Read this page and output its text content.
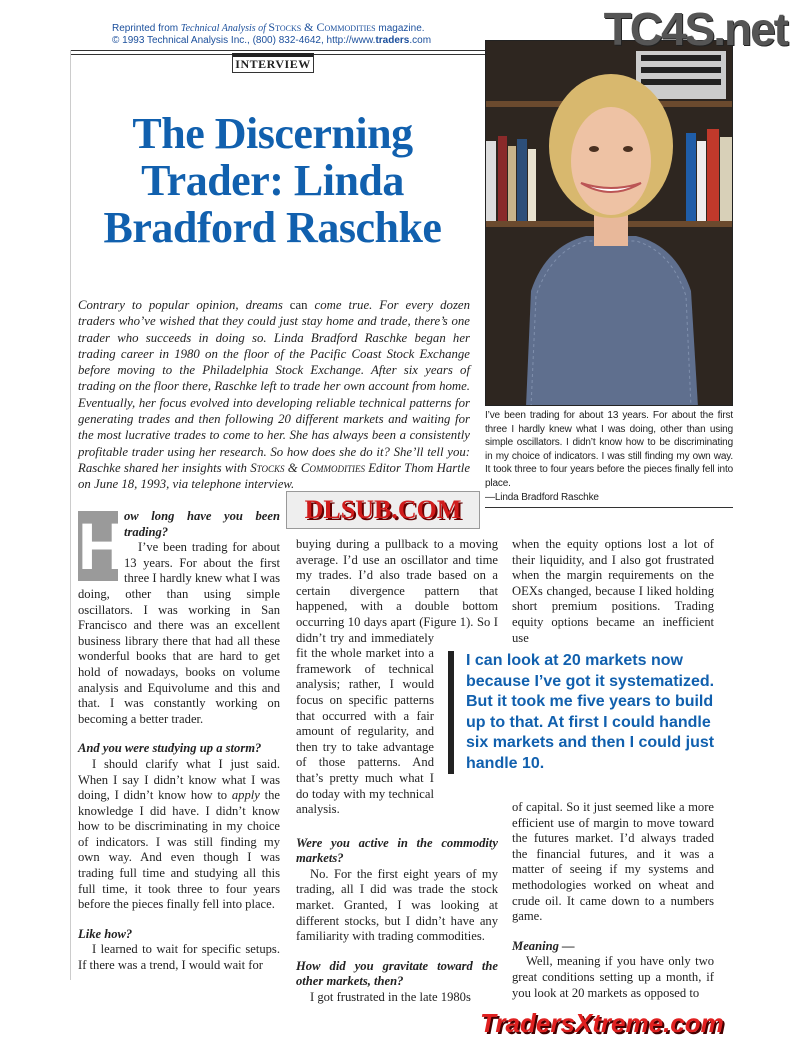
Reprinted from Technical Analysis of Stocks & Commodities magazine.
© 1993 Technical Analysis Inc., (800) 832-4642, http://www.traders.com
INTERVIEW
The Discerning Trader: Linda Bradford Raschke
Contrary to popular opinion, dreams can come true. For every dozen traders who’ve wished that they could just stay home and trade, there’s one trader who succeeds in doing so. Linda Bradford Raschke began her trading career in 1980 on the floor of the Pacific Coast Stock Exchange before moving to the Philadelphia Stock Exchange. After six years of trading on the floor there, Raschke left to trade her own account from home. Eventually, her focus evolved into developing reliable technical patterns for generating trades and then following 20 different markets and waiting for the most lucrative trades to come to her. She has always been a consistently profitable trader using her research. So how does she do it? She’ll tell you: Raschke shared her insights with Stocks & Commodities Editor Thom Hartle on June 18, 1993, via telephone interview.
I’ve been trading for about 13 years. For about the first three I hardly knew what I was doing, other than using simple oscillators. I didn’t know how to be discriminating in my choice of indicators. I was still finding my own way. It took three to four years before the pieces finally fell into place.
—Linda Bradford Raschke
H

ow long have you been trading?

I’ve been trading for about 13 years. For about the first three I hardly knew what I was doing, other than using simple oscillators. I was working in San Francisco and there was an excellent business library there that had all these wonderful books that are hard to get hold of nowadays, books on volume analysis and Equivolume and this and that. I was constantly working on becoming a better trader.

And you were studying up a storm?

I should clarify what I just said. When I say I didn’t know what I was doing, I didn’t know how to apply the knowledge I did have. I didn’t know how to be discriminating in my choice of indicators. I was still finding my own way. And even though I was trading full time and studying all this full time, it took three to four years before the pieces finally fell into place.

Like how?

I learned to wait for specific setups. If there was a trend, I would wait for

buying during a pullback to a moving average. I’d use an oscillator and time my trades. I’d also trade based on a certain divergence pattern that happened, with a double bottom occurring 10 days apart (Figure 1). So I didn’t try and immediately fit the whole market into a framework of technical analysis; rather, I would focus on specific patterns that occurred with a fair amount of regularity, and then try to take advantage of those patterns. And that’s pretty much what I do today with my technical analysis.

Were you active in the commodity markets?

No. For the first eight years of my trading, all I did was trade the stock market. Granted, I was looking at different stocks, but I didn’t have any familiarity with trading commodities.

How did you gravitate toward the other markets, then?

I got frustrated in the late 1980s

when the equity options lost a lot of their liquidity, and I also got frustrated when the margin requirements on the OEXs changed, because I liked holding short premium positions. Trading equity options became an inefficient use

of capital. So it just seemed like a more efficient use of margin to move toward the futures market. I’d always traded the financial futures, and it was a matter of seeing if my systems and methodologies worked on wheat and crude oil. It came down to a numbers game.

Meaning —

Well, meaning if you have only two great conditions setting up a month, if you look at 20 markets as opposed to

I can look at 20 markets now because I’ve got it systematized. But it took me five years to build up to that. At first I could handle six markets and then I could just handle 10.
TC4S.net
DLSUB.COM
TradersXtreme.com
